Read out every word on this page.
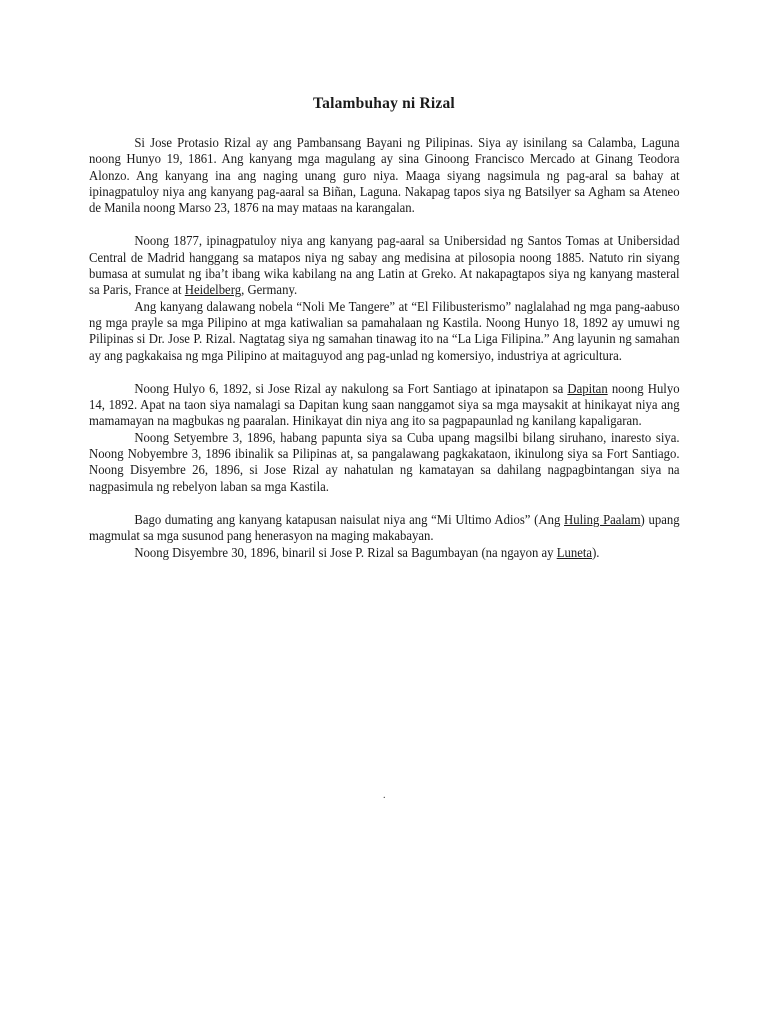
Talambuhay ni Rizal

Si Jose Protasio Rizal ay ang Pambansang Bayani ng Pilipinas. Siya ay isinilang sa Calamba, Laguna noong Hunyo 19, 1861. Ang kanyang mga magulang ay sina Ginoong Francisco Mercado at Ginang Teodora Alonzo. Ang kanyang ina ang naging unang guro niya. Maaga siyang nagsimula ng pag-aral sa bahay at ipinagpatuloy niya ang kanyang pag-aaral sa Biñan, Laguna. Nakapag tapos siya ng Batsilyer sa Agham sa Ateneo de Manila noong Marso 23, 1876 na may mataas na karangalan.

Noong 1877, ipinagpatuloy niya ang kanyang pag-aaral sa Unibersidad ng Santos Tomas at Unibersidad Central de Madrid hanggang sa matapos niya ng sabay ang medisina at pilosopia noong 1885. Natuto rin siyang bumasa at sumulat ng iba’t ibang wika kabilang na ang Latin at Greko. At nakapagtapos siya ng kanyang masteral sa Paris, France at Heidelberg, Germany.

Ang kanyang dalawang nobela “Noli Me Tangere” at “El Filibusterismo” naglalahad ng mga pang-aabuso ng mga prayle sa mga Pilipino at mga katiwalian sa pamahalaan ng Kastila. Noong Hunyo 18, 1892 ay umuwi ng Pilipinas si Dr. Jose P. Rizal. Nagtatag siya ng samahan tinawag ito na “La Liga Filipina.” Ang layunin ng samahan ay ang pagkakaisa ng mga Pilipino at maitaguyod ang pag-unlad ng komersiyo, industriya at agricultura.

Noong Hulyo 6, 1892, si Jose Rizal ay nakulong sa Fort Santiago at ipinatapon sa Dapitan noong Hulyo 14, 1892. Apat na taon siya namalagi sa Dapitan kung saan nanggamot siya sa mga maysakit at hinikayat niya ang mamamayan na magbukas ng paaralan. Hinikayat din niya ang ito sa pagpapaunlad ng kanilang kapaligaran.

Noong Setyembre 3, 1896, habang papunta siya sa Cuba upang magsilbi bilang siruhano, inaresto siya. Noong Nobyembre 3, 1896 ibinalik sa Pilipinas at, sa pangalawang pagkakataon, ikinulong siya sa Fort Santiago. Noong Disyembre 26, 1896, si Jose Rizal ay nahatulan ng kamatayan sa dahilang nagpagbintangan siya na nagpasimula ng rebelyon laban sa mga Kastila.

Bago dumating ang kanyang katapusan naisulat niya ang “Mi Ultimo Adios” (Ang Huling Paalam) upang magmulat sa mga susunod pang henerasyon na maging makabayan.

Noong Disyembre 30, 1896, binaril si Jose P. Rizal sa Bagumbayan (na ngayon ay Luneta).

.
